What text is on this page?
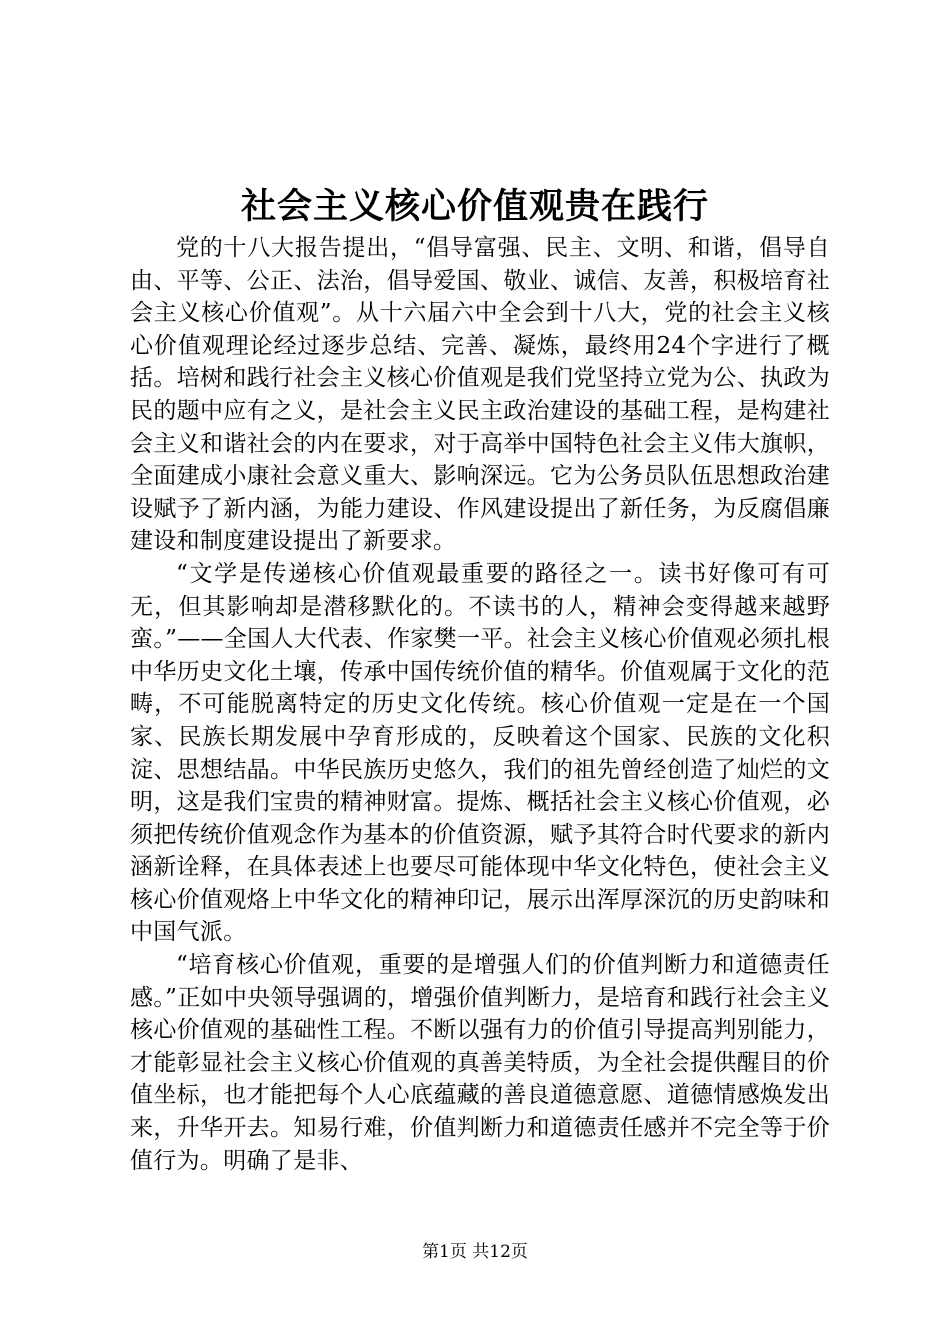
社会主义核心价值观贵在践行

党的十八大报告提出，“倡导富强、民主、文明、和谐，倡导自由、平等、公正、法治，倡导爱国、敬业、诚信、友善，积极培育社会主义核心价值观”。从十六届六中全会到十八大，党的社会主义核心价值观理论经过逐步总结、完善、凝炼，最终用24个字进行了概括。培树和践行社会主义核心价值观是我们党坚持立党为公、执政为民的题中应有之义，是社会主义民主政治建设的基础工程，是构建社会主义和谐社会的内在要求，对于高举中国特色社会主义伟大旗帜，全面建成小康社会意义重大、影响深远。它为公务员队伍思想政治建设赋予了新内涵，为能力建设、作风建设提出了新任务，为反腐倡廉建设和制度建设提出了新要求。

“文学是传递核心价值观最重要的路径之一。读书好像可有可无，但其影响却是潜移默化的。不读书的人，精神会变得越来越野蛮。”——全国人大代表、作家樊一平。社会主义核心价值观必须扎根中华历史文化土壤，传承中国传统价值的精华。价值观属于文化的范畴，不可能脱离特定的历史文化传统。核心价值观一定是在一个国家、民族长期发展中孕育形成的，反映着这个国家、民族的文化积淀、思想结晶。中华民族历史悠久，我们的祖先曾经创造了灿烂的文明，这是我们宝贵的精神财富。提炼、概括社会主义核心价值观，必须把传统价值观念作为基本的价值资源，赋予其符合时代要求的新内涵新诠释，在具体表述上也要尽可能体现中华文化特色，使社会主义核心价值观烙上中华文化的精神印记，展示出浑厚深沉的历史韵味和中国气派。

“培育核心价值观，重要的是增强人们的价值判断力和道德责任感。”正如中央领导强调的，增强价值判断力，是培育和践行社会主义核心价值观的基础性工程。不断以强有力的价值引导提高判别能力，才能彰显社会主义核心价值观的真善美特质，为全社会提供醒目的价值坐标，也才能把每个人心底蕴藏的善良道德意愿、道德情感焕发出来，升华开去。知易行难，价值判断力和道德责任感并不完全等于价值行为。明确了是非、

第1页 共12页
